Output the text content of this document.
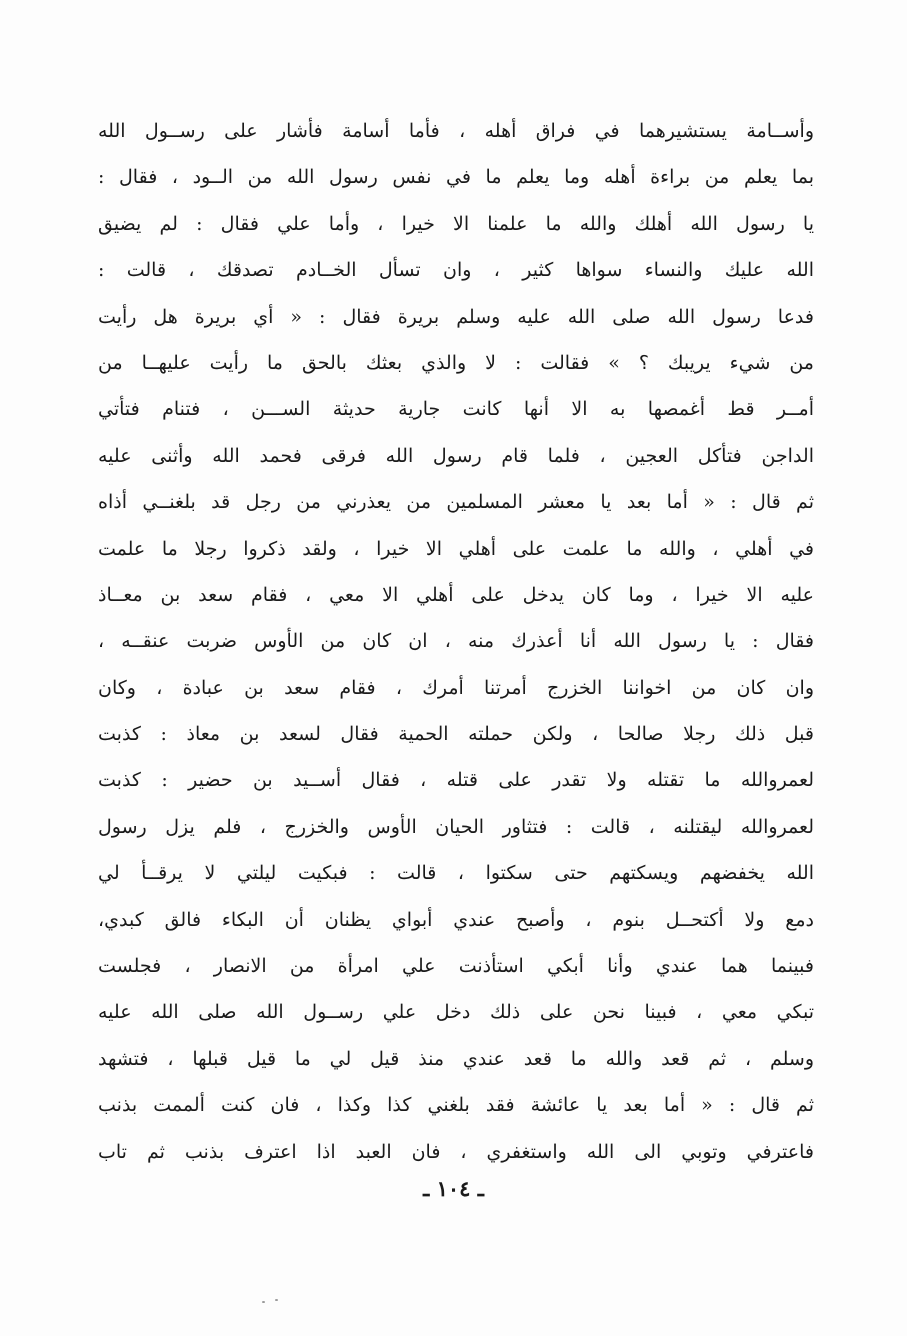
وأســامة يستشيرهما في فراق أهله ، فأما أسامة فأشار على رســول الله
بما يعلم من براءة أهله وما يعلم ما في نفس رسول الله من الــود ، فقال :
يا رسول الله أهلك والله ما علمنا الا خيرا ، وأما علي فقال : لم يضيق
الله عليك والنساء سواها كثير ، وان تسأل الخــادم تصدقك ، قالت :
فدعا رسول الله صلى الله عليه وسلم بريرة فقال : « أي بريرة هل رأيت
من شيء يريبك ؟ » فقالت : لا والذي بعثك بالحق ما رأيت عليهــا من
أمــر قط أغمصها به الا أنها كانت جارية حديثة الســـن ، فتنام فتأتي
الداجن فتأكل العجين ، فلما قام رسول الله فرقى فحمد الله وأثنى عليه
ثم قال : « أما بعد يا معشر المسلمين من يعذرني من رجل قد بلغنــي أذاه
في أهلي ، والله ما علمت على أهلي الا خيرا ، ولقد ذكروا رجلا ما علمت
عليه الا خيرا ، وما كان يدخل على أهلي الا معي ، فقام سعد بن معــاذ
فقال : يا رسول الله أنا أعذرك منه ، ان كان من الأوس ضربت عنقــه ،
وان كان من اخواننا الخزرج أمرتنا أمرك ، فقام سعد بن عبادة ، وكان
قبل ذلك رجلا صالحا ، ولكن حملته الحمية فقال لسعد بن معاذ : كذبت
لعمروالله ما تقتله ولا تقدر على قتله ، فقال أســيد بن حضير : كذبت
لعمروالله ليقتلنه ، قالت : فتثاور الحيان الأوس والخزرج ، فلم يزل رسول
الله يخفضهم ويسكتهم حتى سكتوا ، قالت : فبكيت ليلتي لا يرقــأ لي
دمع ولا أكتحــل بنوم ، وأصبح عندي أبواي يظنان أن البكاء فالق كبدي،
فبينما هما عندي وأنا أبكي استأذنت علي امرأة من الانصار ، فجلست
تبكي معي ، فبينا نحن على ذلك دخل علي رســول الله صلى الله عليه
وسلم ، ثم قعد والله ما قعد عندي منذ قيل لي ما قيل قبلها ، فتشهد
ثم قال : « أما بعد يا عائشة فقد بلغني كذا وكذا ، فان كنت ألممت بذنب
فاعترفي وتوبي الى الله واستغفري ، فان العبد اذا اعترف بذنب ثم تاب
ـ ١٠٤ ـ
